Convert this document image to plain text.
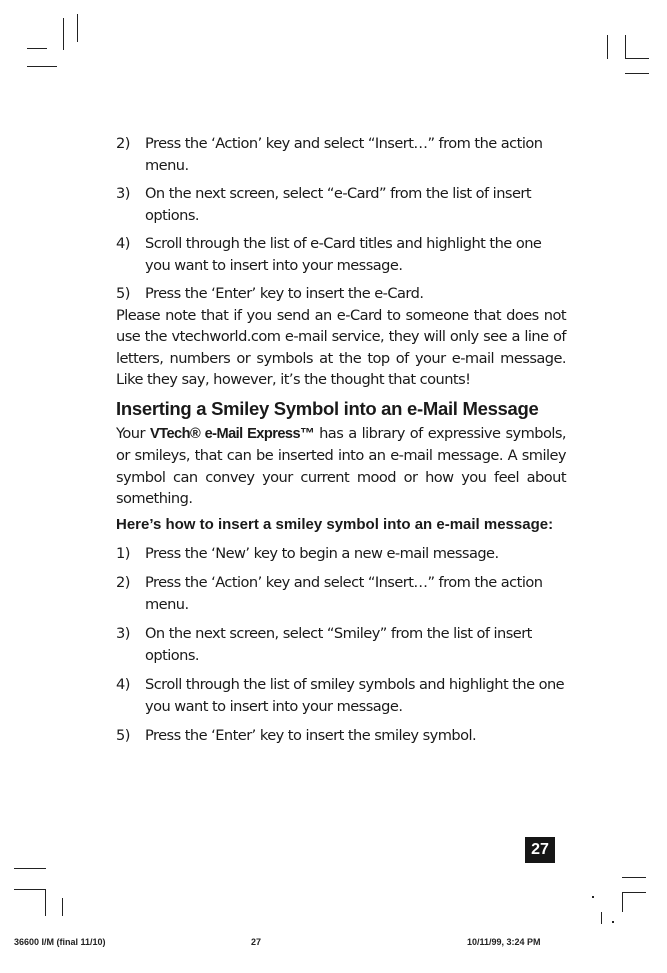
2) Press the ‘Action’ key and select “Insert…” from the action menu.
3) On the next screen, select “e-Card” from the list of insert options.
4) Scroll through the list of e-Card titles and highlight the one you want to insert into your message.
5) Press the ‘Enter’ key to insert the e-Card.

Please note that if you send an e-Card to someone that does not use the vtechworld.com e-mail service, they will only see a line of letters, numbers or symbols at the top of your e-mail message. Like they say, however, it’s the thought that counts!

Inserting a Smiley Symbol into an e-Mail Message

Your VTech® e-Mail Express™ has a library of expressive symbols, or smileys, that can be inserted into an e-mail message. A smiley symbol can convey your current mood or how you feel about something.

Here’s how to insert a smiley symbol into an e-mail message:
1) Press the ‘New’ key to begin a new e-mail message.
2) Press the ‘Action’ key and select “Insert…” from the action menu.
3) On the next screen, select “Smiley” from the list of insert options.
4) Scroll through the list of smiley symbols and highlight the one you want to insert into your message.
5) Press the ‘Enter’ key to insert the smiley symbol.
27
36600 I/M (final 11/10)	27	10/11/99, 3:24 PM
